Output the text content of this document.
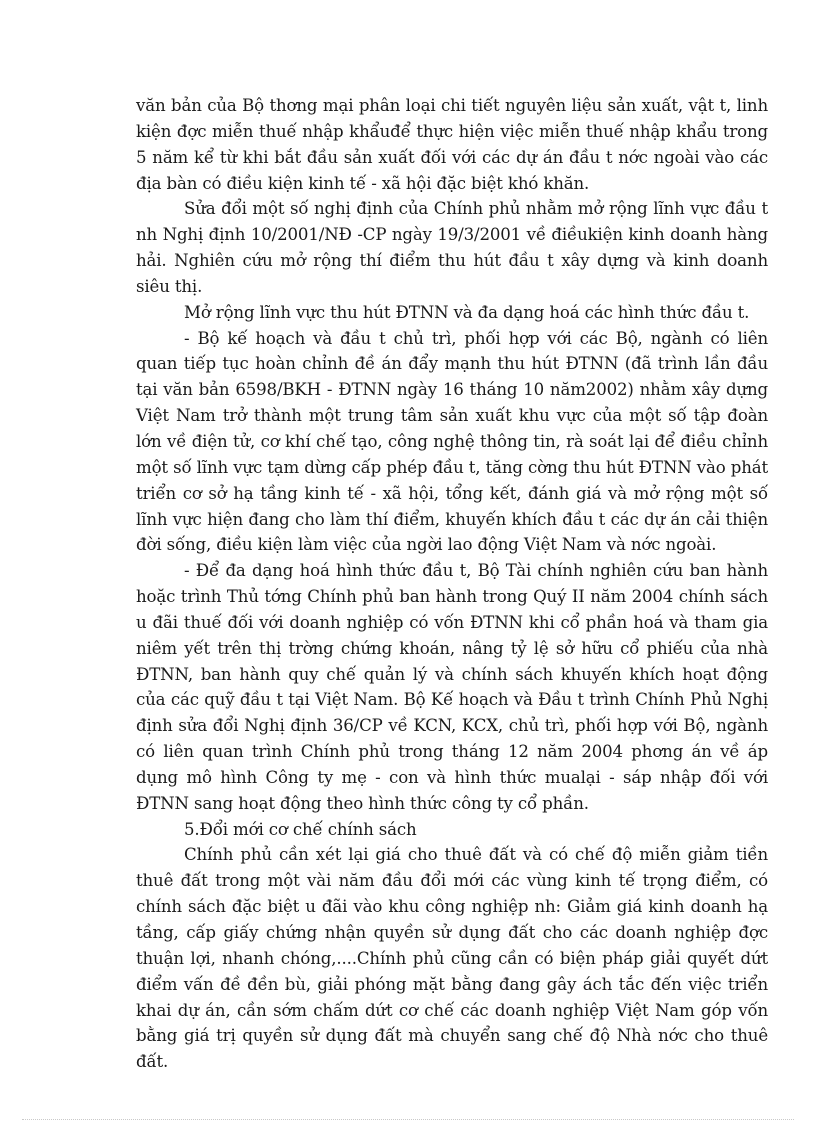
văn bản của Bộ thơng mại phân loại chi tiết nguyên liệu sản xuất, vật t, linh kiện đợc miễn thuế nhập khẩuđể thực hiện việc miễn thuế nhập khẩu trong 5 năm kể từ khi bắt đầu sản xuất đối với các dự án đầu t nớc ngoài vào các địa bàn có điều kiện kinh tế - xã hội đặc biệt khó khăn.

Sửa đổi một số nghị định của Chính phủ nhằm mở rộng lĩnh vực đầu t nh Nghị định 10/2001/NĐ -CP ngày 19/3/2001 về điềukiện kinh doanh hàng hải. Nghiên cứu mở rộng thí điểm thu hút đầu t xây dựng và kinh doanh siêu thị.

Mở rộng lĩnh vực thu hút ĐTNN và đa dạng hoá các hình thức đầu t.

- Bộ kế hoạch và đầu t chủ trì, phối hợp với các Bộ, ngành có liên quan tiếp tục hoàn chỉnh đề án đẩy mạnh thu hút ĐTNN (đã trình lần đầu tại văn bản 6598/BKH - ĐTNN ngày 16 tháng 10 năm2002) nhằm xây dựng Việt Nam trở thành một trung tâm sản xuất khu vực của một số tập đoàn lớn về điện tử, cơ khí chế tạo, công nghệ thông tin, rà soát lại để điều chỉnh một số lĩnh vực tạm dừng cấp phép đầu t, tăng cờng thu hút ĐTNN vào phát triển cơ sở hạ tầng kinh tế - xã hội, tổng kết, đánh giá và mở rộng một số lĩnh vực hiện đang cho làm thí điểm, khuyến khích đầu t các dự án cải thiện đời sống, điều kiện làm việc của ngời lao động Việt Nam và nớc ngoài.

- Để đa dạng hoá hình thức đầu t, Bộ Tài chính nghiên cứu ban hành hoặc trình Thủ tớng Chính phủ ban hành trong Quý II năm 2004 chính sách u đãi thuế đối với doanh nghiệp có vốn ĐTNN khi cổ phần hoá và tham gia niêm yết trên thị trờng chứng khoán, nâng tỷ lệ sở hữu cổ phiếu của nhà ĐTNN, ban hành quy chế quản lý và chính sách khuyến khích hoạt động của các quỹ đầu t tại Việt Nam. Bộ Kế hoạch và Đầu t trình Chính Phủ Nghị định sửa đổi Nghị định 36/CP về KCN, KCX, chủ trì, phối hợp với Bộ, ngành có liên quan trình Chính phủ trong tháng 12 năm 2004 phơng án về áp dụng mô hình Công ty mẹ - con và hình thức mualại - sáp nhập đối với ĐTNN sang hoạt động theo hình thức công ty cổ phần.

5.Đổi mới cơ chế chính sách

Chính phủ cần xét lại giá cho thuê đất và có chế độ miễn giảm tiền thuê đất trong một vài năm đầu đổi mới các vùng kinh tế trọng điểm, có chính sách đặc biệt u đãi vào khu công nghiệp nh: Giảm giá kinh doanh hạ tầng, cấp giấy chứng nhận quyền sử dụng đất cho các doanh nghiệp đợc thuận lợi, nhanh chóng,....Chính phủ cũng cần có biện pháp giải quyết dứt điểm vấn đề đền bù, giải phóng mặt bằng đang gây ách tắc đến việc triển khai dự án, cần sớm chấm dứt cơ chế các doanh nghiệp Việt Nam góp vốn bằng giá trị quyền sử dụng đất mà chuyển sang chế độ Nhà nớc cho thuê đất.
